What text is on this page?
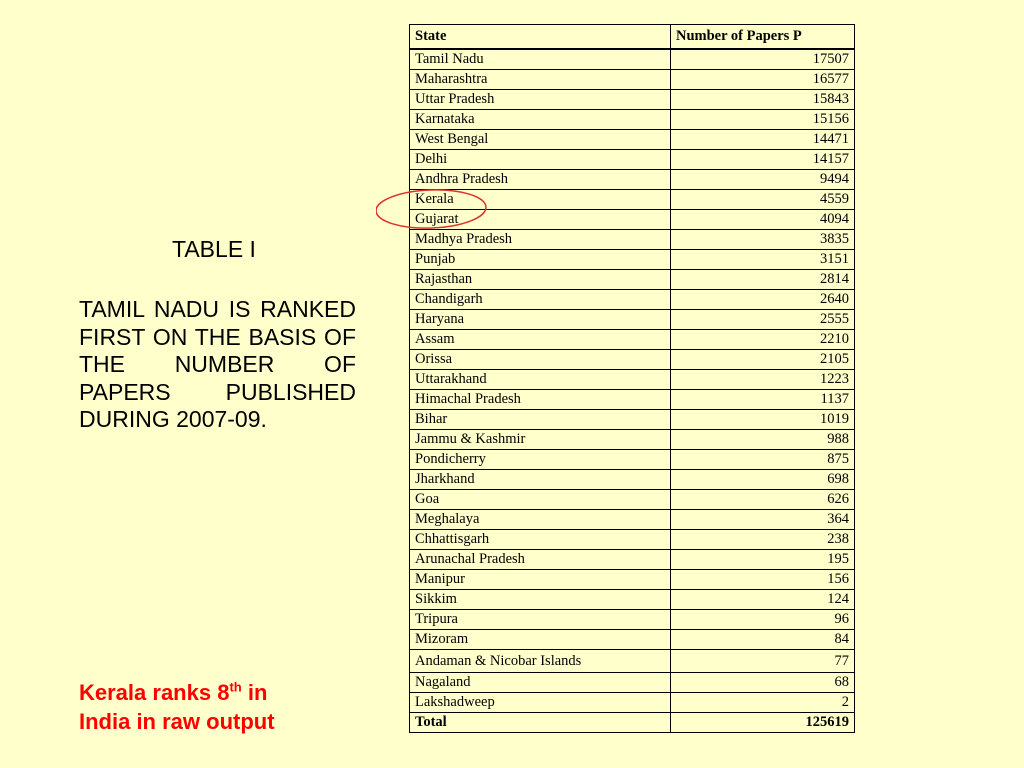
TABLE I

TAMIL NADU IS RANKED FIRST ON THE BASIS OF THE NUMBER OF PAPERS PUBLISHED DURING 2007-09.

Kerala ranks 8th in
India in raw output
State	Number of Papers P
Tamil Nadu	17507
Maharashtra	16577
Uttar Pradesh	15843
Karnataka	15156
West Bengal	14471
Delhi	14157
Andhra Pradesh	9494
Kerala	4559
Gujarat	4094
Madhya Pradesh	3835
Punjab	3151
Rajasthan	2814
Chandigarh	2640
Haryana	2555
Assam	2210
Orissa	2105
Uttarakhand	1223
Himachal Pradesh	1137
Bihar	1019
Jammu & Kashmir	988
Pondicherry	875
Jharkhand	698
Goa	626
Meghalaya	364
Chhattisgarh	238
Arunachal Pradesh	195
Manipur	156
Sikkim	124
Tripura	96
Mizoram	84
Andaman & Nicobar Islands	77
Nagaland	68
Lakshadweep	2
Total	125619
